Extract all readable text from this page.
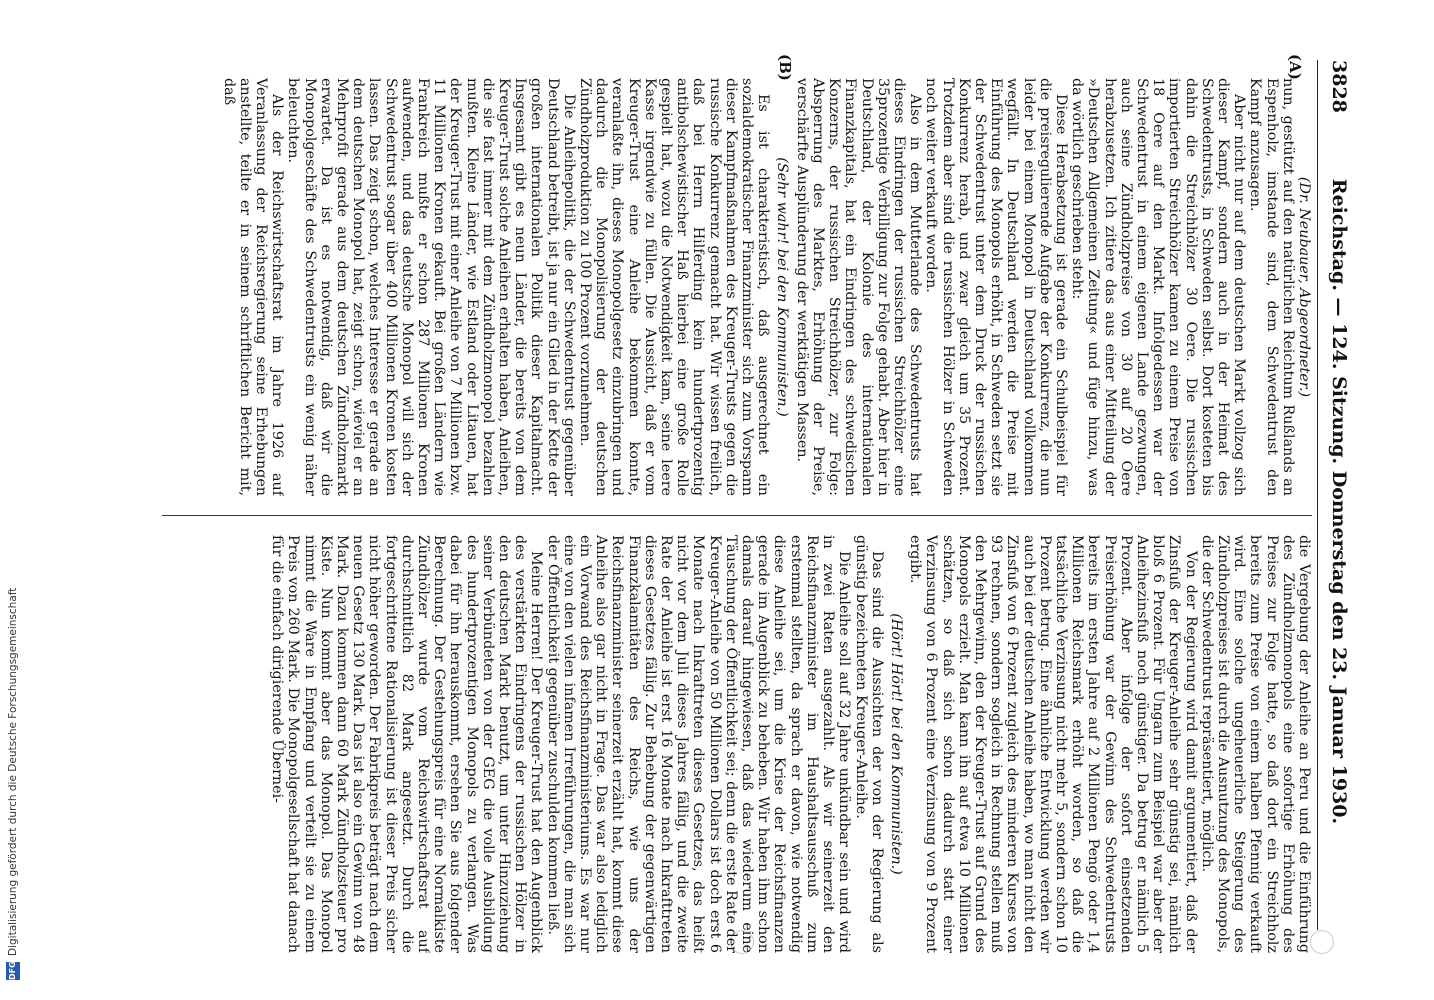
3828
Reichstag. — 124. Sitzung. Donnerstag den 23. Januar 1930.
(A)
(B)

(Dr. Neubauer, Abgeordneter.)

nun, gestützt auf den natürlichen Reichtum Rußlands an Espenholz, imstande sind, dem Schwedentrust den Kampf anzusagen.

Aber nicht nur auf dem deutschen Markt vollzog sich dieser Kampf, sondern auch in der Heimat des Schwedentrusts, in Schweden selbst. Dort kosteten bis dahin die Streichhölzer 30 Oere. Die russischen importierten Streichhölzer kamen zu einem Preise von 18 Oere auf den Markt. Infolgedessen war der Schwedentrust in einem eigenen Lande gezwungen, auch seine Zündholzpreise von 30 auf 20 Oere herabzusetzen. Ich zitiere das aus einer Mitteilung der »Deutschen Allgemeinen Zeitung« und füge hinzu, was da wörtlich geschrieben steht:

Diese Herabsetzung ist gerade ein Schulbeispiel für die preisregulierende Aufgabe der Konkurrenz, die nun leider bei einem Monopol in Deutschland vollkommen wegfällt. In Deutschland werden die Preise mit Einführung des Monopols erhöht, in Schweden setzt sie der Schwedentrust unter dem Druck der russischen Konkurrenz herab, und zwar gleich um 35 Prozent. Trotzdem aber sind die russischen Hölzer in Schweden noch weiter verkauft worden.

Also in dem Mutterlande des Schwedentrusts hat dieses Eindringen der russischen Streichhölzer eine 35prozentige Verbilligung zur Folge gehabt. Aber hier in Deutschland, der Kolonie des internationalen Finanzkapitals, hat ein Eindringen des schwedischen Konzerns, der russischen Streichhölzer, zur Folge: Absperrung des Marktes, Erhöhung der Preise, verschärfte Ausplünderung der werktätigen Massen.

(Sehr wahr! bei den Kommunisten.)

Es ist charakteristisch, daß ausgerechnet ein sozialdemokratischer Finanzminister sich zum Vorspann dieser Kampfmaßnahmen des Kreuger-Trusts gegen die russische Konkurrenz gemacht hat. Wir wissen freilich, daß bei Herrn Hilferding kein hundertprozentig antibolschewistischer Haß hierbei eine große Rolle gespielt hat, wozu die Notwendigkeit kam, seine leere Kasse irgendwie zu füllen. Die Aussicht, daß er vom Kreuger-Trust eine Anleihe bekommen konnte, veranlaßte ihn, dieses Monopolgesetz einzubringen und dadurch die Monopolisierung der deutschen Zündholzproduktion zu 100 Prozent vorzunehmen.

Die Anleihepolitik, die der Schwedentrust gegenüber Deutschland betreibt, ist ja nur ein Glied in der Kette der großen internationalen Politik dieser Kapitalmacht. Insgesamt gibt es neun Länder, die bereits von dem Kreuger-Trust solche Anleihen erhalten haben, Anleihen, die sie fast immer mit dem Zündholzmonopol bezahlen mußten. Kleine Länder, wie Estland oder Litauen, hat der Kreuger-Trust mit einer Anleihe von 7 Millionen bzw. 11 Millionen Kronen gekauft. Bei großen Ländern wie Frankreich mußte er schon 287 Millionen Kronen aufwenden, und das deutsche Monopol will sich der Schwedentrust sogar über 400 Millionen Kronen kosten lassen. Das zeigt schon, welches Interesse er gerade an dem deutschen Monopol hat, zeigt schon, wieviel er an Mehrprofit gerade aus dem deutschen Zündholzmarkt erwartet. Da ist es notwendig, daß wir die Monopolgeschäfte des Schwedentrusts ein wenig näher beleuchten.

Als der Reichswirtschaftsrat im Jahre 1926 auf Veranlassung der Reichsregierung seine Erhebungen anstellte, teilte er in seinem schriftlichen Bericht mit, daß

die Vergebung der Anleihe an Peru und die Einführung des Zündholzmonopols eine sofortige Erhöhung des Preises zur Folge hatte, so daß dort ein Streichholz bereits zum Preise von einem halben Pfennig verkauft wird. Eine solche ungeheuerliche Steigerung des Zündholzpreises ist durch die Ausnutzung des Monopols, die der Schwedentrust repräsentiert, möglich.

Von der Regierung wird damit argumentiert, daß der Zinsfuß der Kreuger-Anleihe sehr günstig sei, nämlich bloß 6 Prozent. Für Ungarn zum Beispiel war aber der Anleihezinsfuß noch günstiger. Da betrug er nämlich 5 Prozent. Aber infolge der sofort einsetzenden Preiserhöhung war der Gewinn des Schwedentrusts bereits im ersten Jahre auf 2 Millionen Pengö oder 1,4 Millionen Reichsmark erhöht worden, so daß die tatsächliche Verzinsung nicht mehr 5, sondern schon 10 Prozent betrug. Eine ähnliche Entwicklung werden wir auch bei der deutschen Anleihe haben, wo man nicht den Zinsfuß von 6 Prozent zugleich des minderen Kurses von 93 rechnen, sondern sogleich in Rechnung stellen muß den Mehrgewinn, den der Kreuger-Trust auf Grund des Monopols erzielt. Man kann ihn auf etwa 10 Millionen schätzen, so daß sich schon dadurch statt einer Verzinsung von 6 Prozent eine Verzinsung von 9 Prozent ergibt.

(Hört! Hört! bei den Kommunisten.)

Das sind die Aussichten der von der Regierung als günstig bezeichneten Kreuger-Anleihe.

Die Anleihe soll auf 32 Jahre unkündbar sein und wird in zwei Raten ausgezahlt. Als wir seinerzeit den Reichsfinanzminister im Haushaltsausschuß zum erstenmal stellten, da sprach er davon, wie notwendig diese Anleihe sei, um die Krise der Reichsfinanzen gerade im Augenblick zu beheben. Wir haben ihm schon damals darauf hingewiesen, daß das wiederum eine Täuschung der Öffentlichkeit sei; denn die erste Rate der Kreuger-Anleihe von 50 Millionen Dollars ist doch erst 6 Monate nach Inkrafttreten dieses Gesetzes, das heißt nicht vor dem Juli dieses Jahres fällig, und die zweite Rate der Anleihe ist erst 16 Monate nach Inkrafttreten dieses Gesetzes fällig. Zur Behebung der gegenwärtigen Finanzkalamitäten des Reichs, wie uns der Reichsfinanzminister seinerzeit erzählt hat, kommt diese Anleihe also gar nicht in Frage. Das war also lediglich ein Vorwand des Reichsfinanzministeriums. Es war nur eine von den vielen infamen Irreführungen, die man sich der Öffentlichkeit gegenüber zuschulden kommen ließ.

Meine Herren! Der Kreuger-Trust hat den Augenblick des verstärkten Eindringens der russischen Hölzer in den deutschen Markt benutzt, um unter Hinzuziehung seiner Verbündeten von der GEG die volle Ausbildung des hundertprozentigen Monopols zu verlangen. Was dabei für ihn herauskommt, ersehen Sie aus folgender Berechnung. Der Gestehungspreis für eine Normalkiste Zündhölzer wurde vom Reichswirtschaftsrat auf durchschnittlich 82 Mark angesetzt. Durch die fortgeschrittene Rationalisierung ist dieser Preis sicher nicht höher geworden. Der Fabrikpreis beträgt nach dem neuen Gesetz 130 Mark. Das ist also ein Gewinn von 48 Mark. Dazu kommen dann 60 Mark Zündholzsteuer pro Kiste. Nun kommt aber das Monopol. Das Monopol nimmt die Ware in Empfang und verteilt sie zu einem Preis von 260 Mark. Die Monopolgesellschaft hat danach für die einfach dirigierende Übernei-

DFG
Digitalisierung gefördert durch die Deutsche Forschungsgemeinschaft
